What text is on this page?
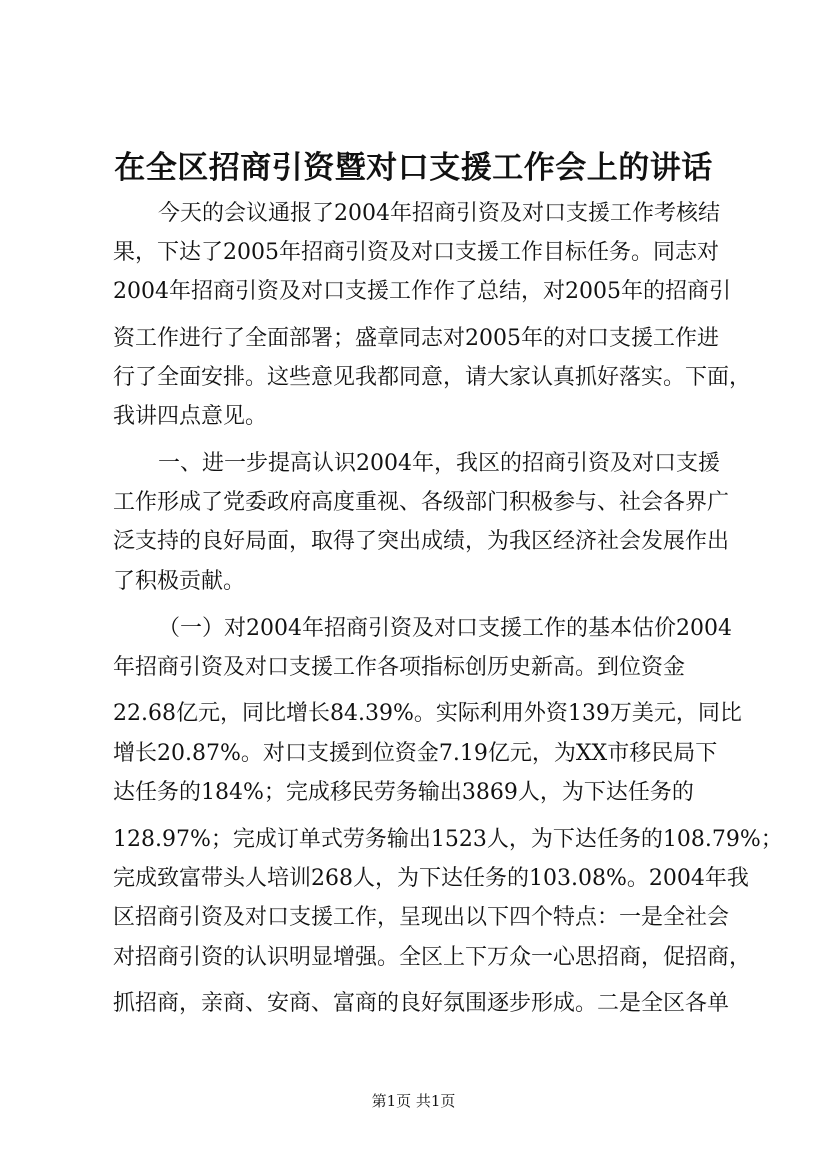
在全区招商引资暨对口支援工作会上的讲话
今天的会议通报了2004年招商引资及对口支援工作考核结
果，下达了2005年招商引资及对口支援工作目标任务。同志对
2004年招商引资及对口支援工作作了总结，对2005年的招商引
资工作进行了全面部署；盛章同志对2005年的对口支援工作进
行了全面安排。这些意见我都同意，请大家认真抓好落实。下面，
我讲四点意见。
一、进一步提高认识2004年，我区的招商引资及对口支援
工作形成了党委政府高度重视、各级部门积极参与、社会各界广
泛支持的良好局面，取得了突出成绩，为我区经济社会发展作出
了积极贡献。
（一）对2004年招商引资及对口支援工作的基本估价2004
年招商引资及对口支援工作各项指标创历史新高。到位资金
22.68亿元，同比增长84.39%。实际利用外资139万美元，同比
增长20.87%。对口支援到位资金7.19亿元，为XX市移民局下
达任务的184%；完成移民劳务输出3869人，为下达任务的
128.97%；完成订单式劳务输出1523人，为下达任务的108.79%；
完成致富带头人培训268人，为下达任务的103.08%。2004年我
区招商引资及对口支援工作，呈现出以下四个特点：一是全社会
对招商引资的认识明显增强。全区上下万众一心思招商，促招商，
抓招商，亲商、安商、富商的良好氛围逐步形成。二是全区各单
第1页 共1页
